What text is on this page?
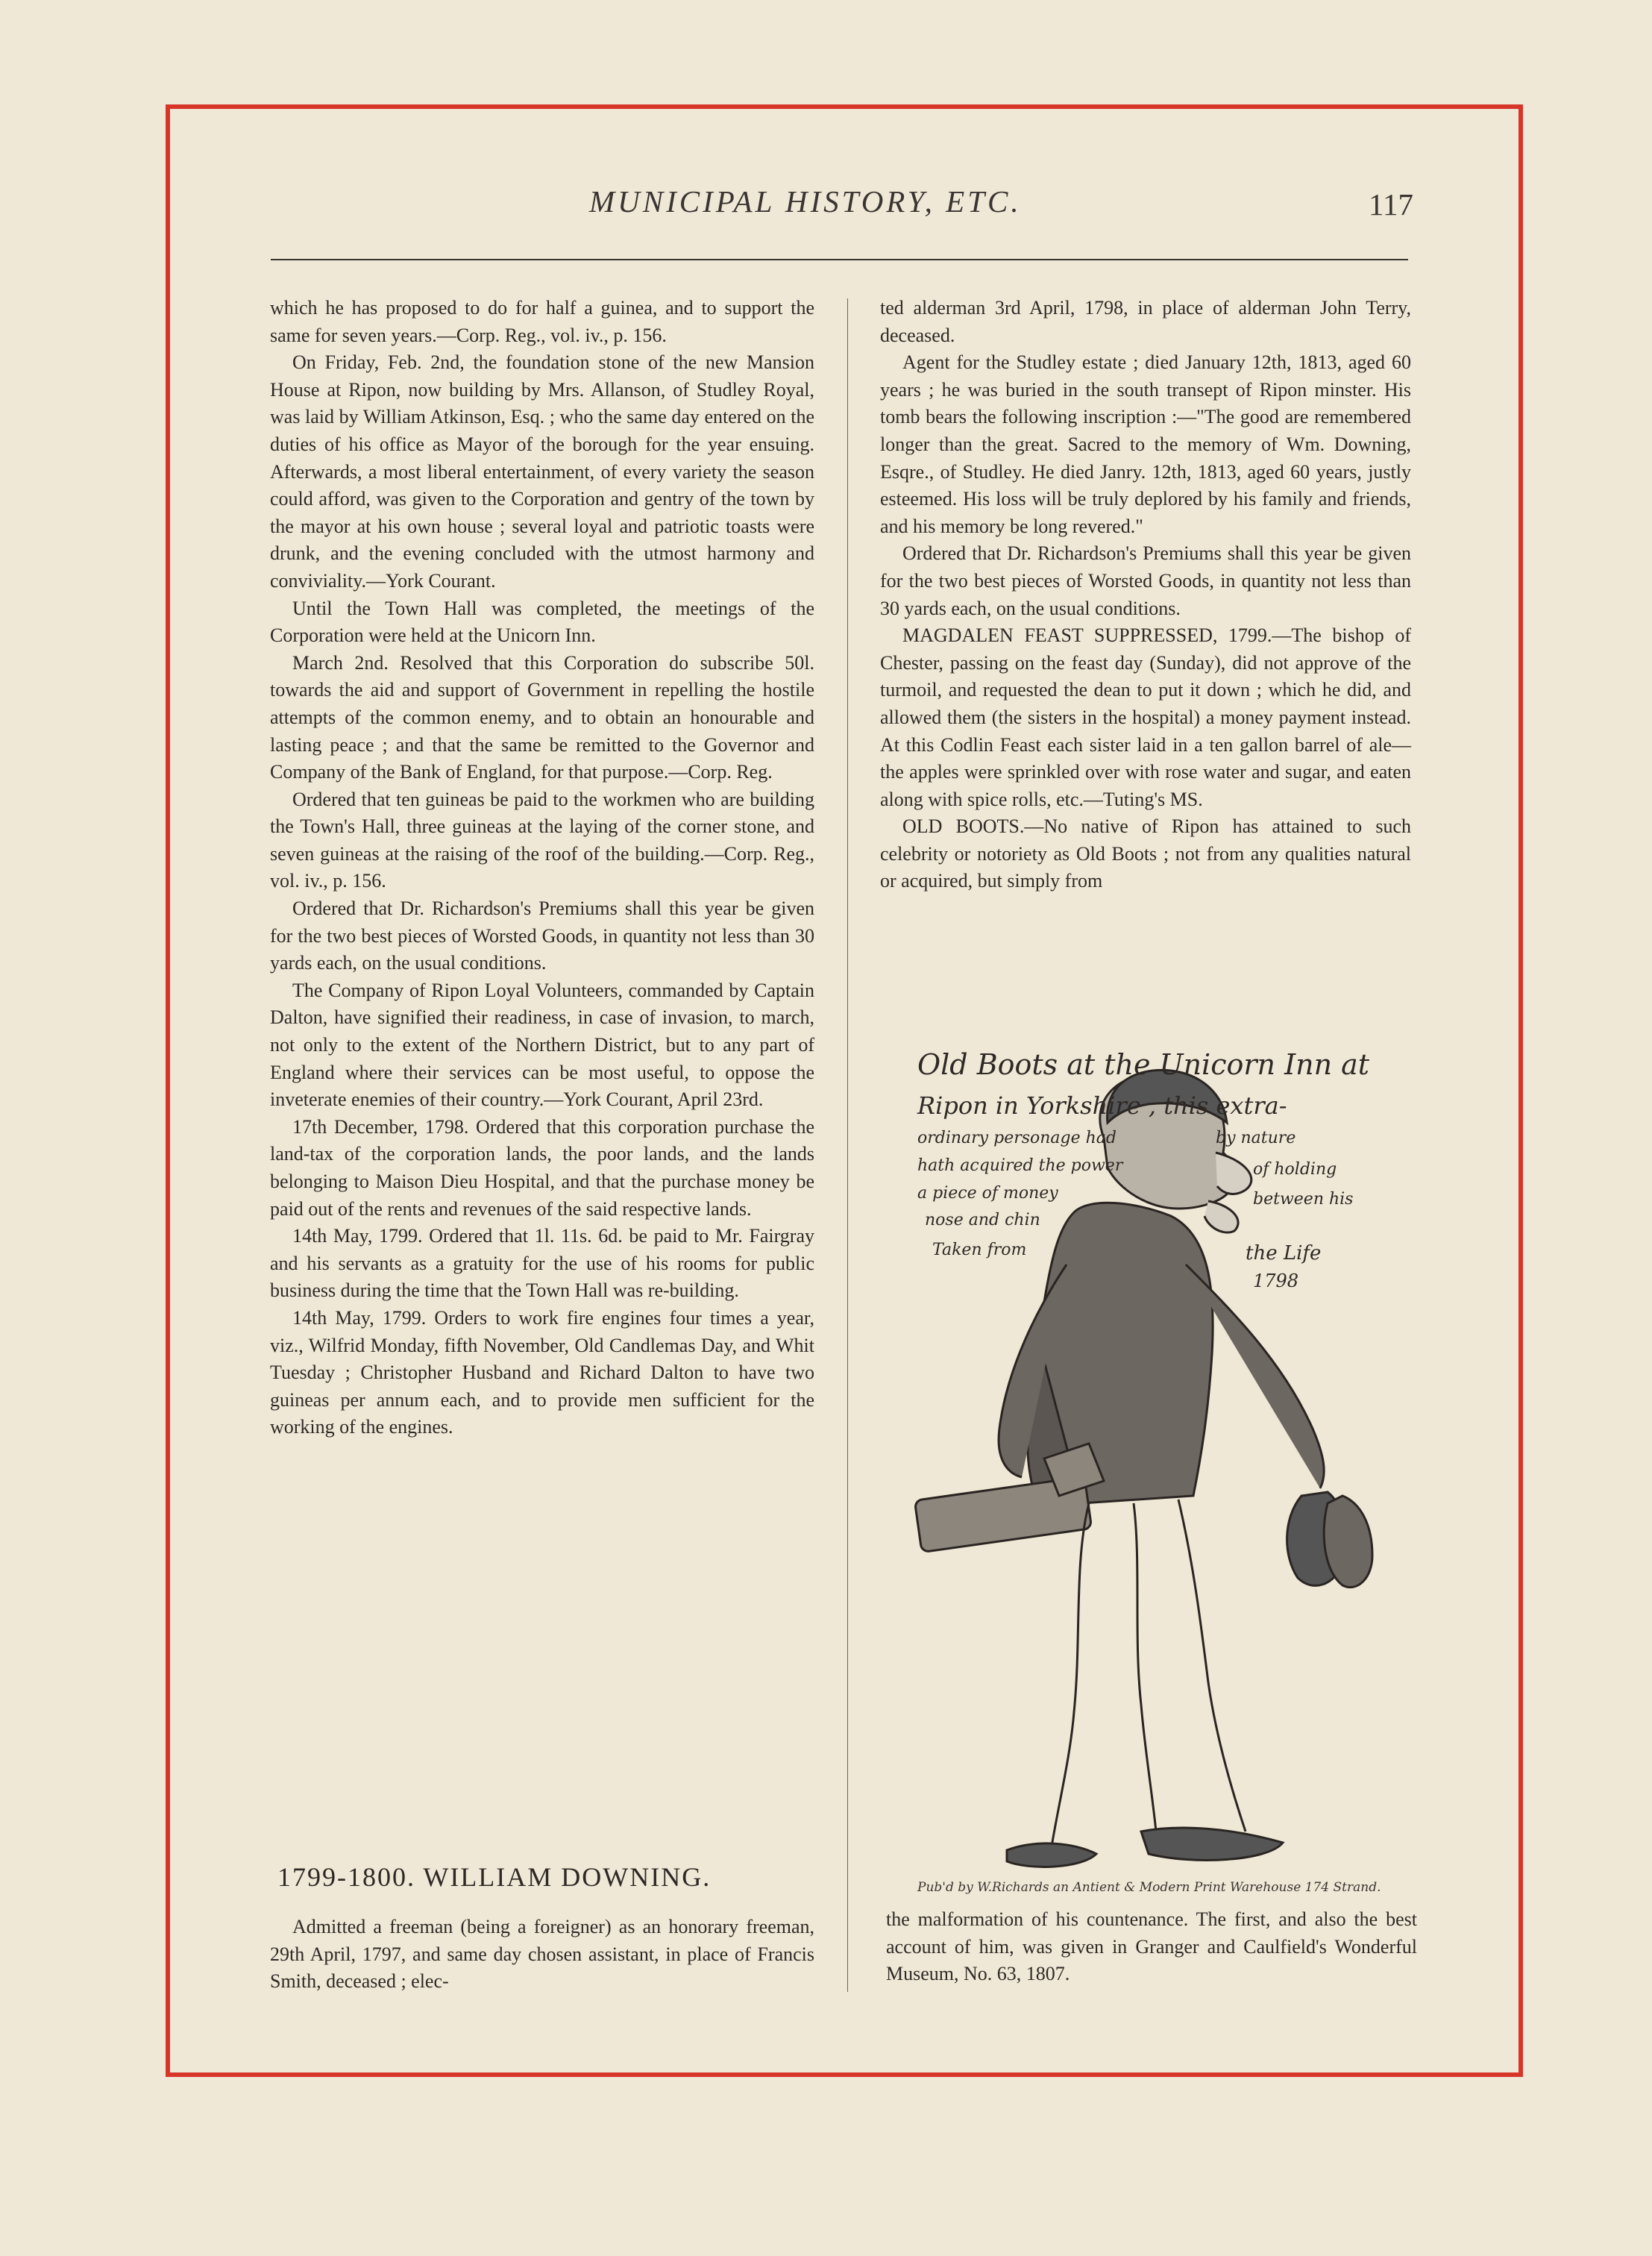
MUNICIPAL HISTORY, ETC.	117

which he has proposed to do for half a guinea, and to support the same for seven years.—Corp. Reg., vol. iv., p. 156.

On Friday, Feb. 2nd, the foundation stone of the new Mansion House at Ripon, now building by Mrs. Allanson, of Studley Royal, was laid by William Atkinson, Esq. ; who the same day entered on the duties of his office as Mayor of the borough for the year ensuing. Afterwards, a most liberal entertainment, of every variety the season could afford, was given to the Corporation and gentry of the town by the mayor at his own house ; several loyal and patriotic toasts were drunk, and the evening concluded with the utmost harmony and conviviality.—York Courant.

Until the Town Hall was completed, the meetings of the Corporation were held at the Unicorn Inn.

March 2nd. Resolved that this Corporation do subscribe 50l. towards the aid and support of Government in repelling the hostile attempts of the common enemy, and to obtain an honourable and lasting peace ; and that the same be remitted to the Governor and Company of the Bank of England, for that purpose.—Corp. Reg.

Ordered that ten guineas be paid to the workmen who are building the Town's Hall, three guineas at the laying of the corner stone, and seven guineas at the raising of the roof of the building.—Corp. Reg., vol. iv., p. 156.

Ordered that Dr. Richardson's Premiums shall this year be given for the two best pieces of Worsted Goods, in quantity not less than 30 yards each, on the usual conditions.

The Company of Ripon Loyal Volunteers, commanded by Captain Dalton, have signified their readiness, in case of invasion, to march, not only to the extent of the Northern District, but to any part of England where their services can be most useful, to oppose the inveterate enemies of their country.—York Courant, April 23rd.

17th December, 1798. Ordered that this corporation purchase the land-tax of the corporation lands, the poor lands, and the lands belonging to Maison Dieu Hospital, and that the purchase money be paid out of the rents and revenues of the said respective lands.

14th May, 1799. Ordered that 1l. 11s. 6d. be paid to Mr. Fairgray and his servants as a gratuity for the use of his rooms for public business during the time that the Town Hall was re-building.

14th May, 1799. Orders to work fire engines four times a year, viz., Wilfrid Monday, fifth November, Old Candlemas Day, and Whit Tuesday ; Christopher Husband and Richard Dalton to have two guineas per annum each, and to provide men sufficient for the working of the engines.

1799-1800. WILLIAM DOWNING.

Admitted a freeman (being a foreigner) as an honorary freeman, 29th April, 1797, and same day chosen assistant, in place of Francis Smith, deceased ; elec-

ted alderman 3rd April, 1798, in place of alderman John Terry, deceased.

Agent for the Studley estate ; died January 12th, 1813, aged 60 years ; he was buried in the south transept of Ripon minster. His tomb bears the following inscription :—"The good are remembered longer than the great. Sacred to the memory of Wm. Downing, Esqre., of Studley. He died Janry. 12th, 1813, aged 60 years, justly esteemed. His loss will be truly deplored by his family and friends, and his memory be long revered."

Ordered that Dr. Richardson's Premiums shall this year be given for the two best pieces of Worsted Goods, in quantity not less than 30 yards each, on the usual conditions.

MAGDALEN FEAST SUPPRESSED, 1799.—The bishop of Chester, passing on the feast day (Sunday), did not approve of the turmoil, and requested the dean to put it down ; which he did, and allowed them (the sisters in the hospital) a money payment instead. At this Codlin Feast each sister laid in a ten gallon barrel of ale—the apples were sprinkled over with rose water and sugar, and eaten along with spice rolls, etc.—Tuting's MS.

OLD BOOTS.—No native of Ripon has attained to such celebrity or notoriety as Old Boots ; not from any qualities natural or acquired, but simply from

Old Boots at the Unicorn Inn at
Ripon in Yorkshire , this extra-
ordinary personage had	by nature
hath acquired the power	of holding
a piece of money	between his
nose and chin
Taken from	the Life
1798
Pub'd by W.Richards an Antient & Modern Print Warehouse 174 Strand.

the malformation of his countenance. The first, and also the best account of him, was given in Granger and Caulfield's Wonderful Museum, No. 63, 1807.
